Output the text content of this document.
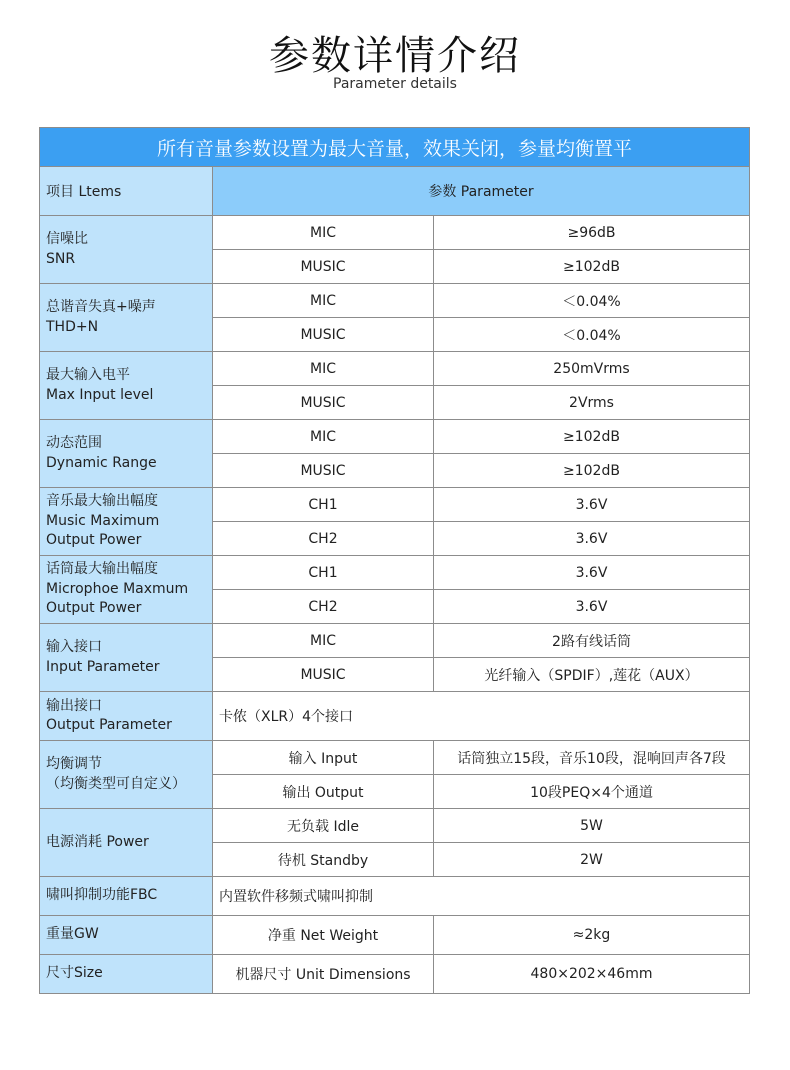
参数详情介绍
Parameter details
所有音量参数设置为最大音量，效果关闭，参量均衡置平		
项目 Ltems	参数 Parameter	

信噪比
SNR	MIC	≥96dB
	MUSIC	≥102dB

总谐音失真+噪声
THD+N	MIC	＜0.04%
	MUSIC	＜0.04%

最大输入电平
Max Input level	MIC	250mVrms
	MUSIC	2Vrms

动态范围
Dynamic Range	MIC	≥102dB
	MUSIC	≥102dB

音乐最大输出幅度
Music Maximum
Output Power	CH1	3.6V
	CH2	3.6V

话筒最大输出幅度
Microphoe Maxmum
Output Power	CH1	3.6V
	CH2	3.6V

输入接口
Input Parameter	MIC	2路有线话筒
	MUSIC	光纤输入（SPDIF）,莲花（AUX）

输出接口
Output Parameter	卡侬（XLR）4个接口	

均衡调节
（均衡类型可自定义）	输入 Input	话筒独立15段，音乐10段，混响回声各7段
	输出 Output	10段PEQ×4个通道
电源消耗 Power	无负载 Idle	5W
	待机 Standby	2W
啸叫抑制功能FBC	内置软件移频式啸叫抑制	
重量GW	净重 Net Weight	≈2kg
尺寸Size	机器尺寸 Unit Dimensions	480×202×46mm
